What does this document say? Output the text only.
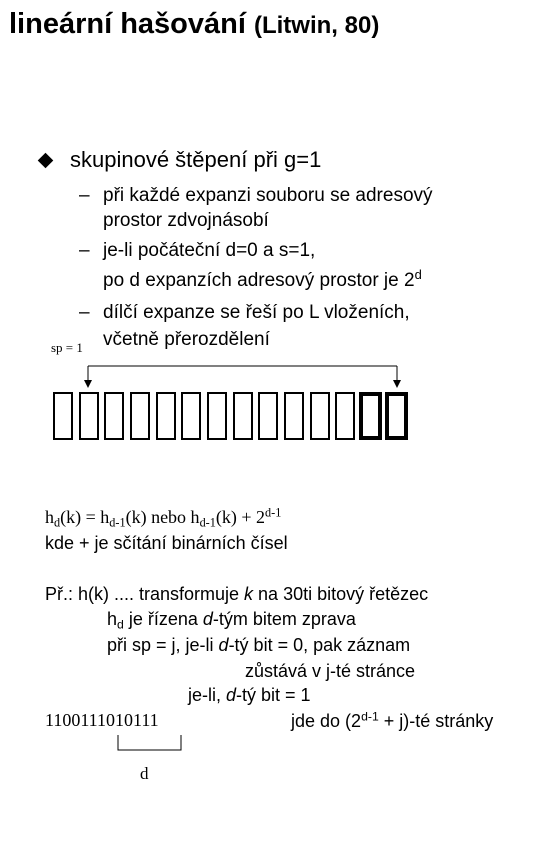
lineární hašování (Litwin, 80)
skupinové štěpení při g=1
– při každé expanzi souboru se adresový
prostor zdvojnásobí
– je-li počáteční d=0 a s=1,
po d expanzích adresový prostor je 2$^d$
– dílčí expanze se řeší po L vloženích,
včetně přerozdělení
sp = 1
$h_d(k) = h_{d-1}(k)$ nebo $h_{d-1}(k) + 2^{d-1}$
kde + je sčítání binárních čísel
Př.: h(k) .... transformuje k na 30ti bitový řetězec
$h_d$ je řízena d-tým bitem zprava
při sp = j, je-li d-tý bit = 0, pak záznam
zůstává v j-té stránce
je-li, d-tý bit = 1
1100111010111	jde do ($2^{d-1}$ + j)-té stránky
d
